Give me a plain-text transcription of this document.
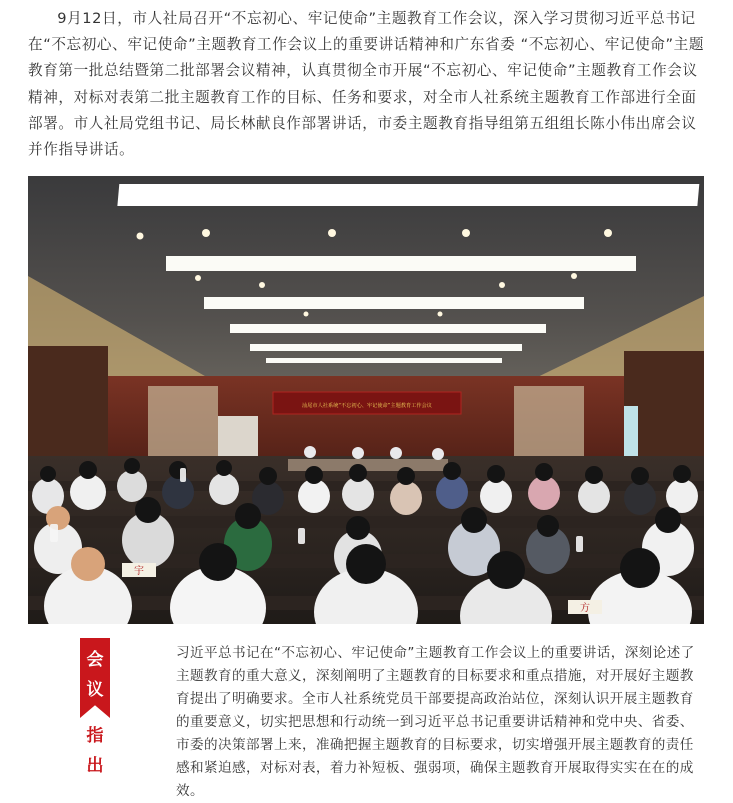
9月12日，市人社局召开“不忘初心、牢记使命”主题教育工作会议，深入学习贯彻习近平总书记在“不忘初心、牢记使命”主题教育工作会议上的重要讲话精神和广东省委 “不忘初心、牢记使命”主题教育第一批总结暨第二批部署会议精神，认真贯彻全市开展“不忘初心、牢记使命”主题教育工作会议精神，对标对表第二批主题教育工作的目标、任务和要求，对全市人社系统主题教育工作部进行全面部署。市人社局党组书记、局长林献良作部署讲话，市委主题教育指导组第五组组长陈小伟出席会议并作指导讲话。

汕尾市人社系统“不忘初心、牢记使命”主题教育工作会议
宇
方
会
议
指
出

习近平总书记在“不忘初心、牢记使命”主题教育工作会议上的重要讲话，深刻论述了主题教育的重大意义，深刻阐明了主题教育的目标要求和重点措施，对开展好主题教育提出了明确要求。全市人社系统党员干部要提高政治站位，深刻认识开展主题教育的重要意义，切实把思想和行动统一到习近平总书记重要讲话精神和党中央、省委、市委的决策部署上来，准确把握主题教育的目标要求，切实增强开展主题教育的责任感和紧迫感，对标对表，着力补短板、强弱项，确保主题教育开展取得实实在在的成效。
